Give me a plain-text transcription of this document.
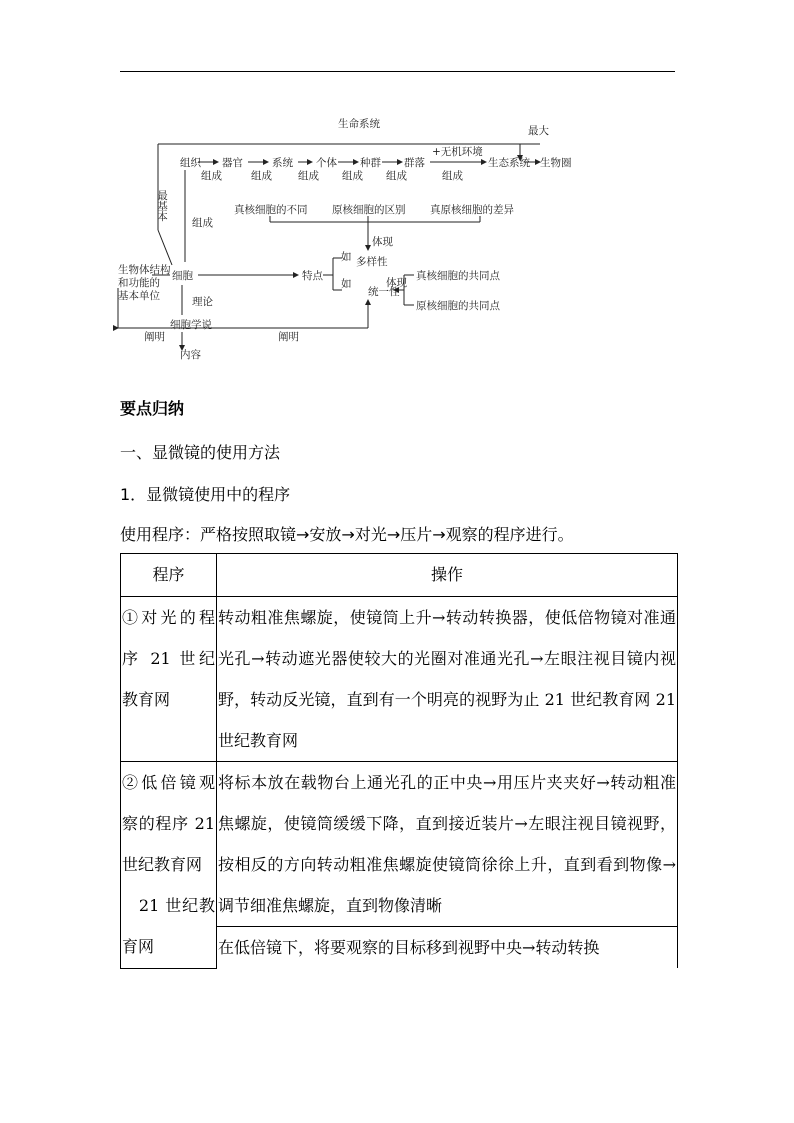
生命系统
最大
组织 器官	系统 个体 种群 群落	生态系统 生物圈
组成	组成 组成 组成 组成	组成
+无机环境
最基本
组成
真核细胞的不同 原核细胞的区别 真原核细胞的差异
体现
如 多样性
如
统一性
细胞	特点
生物体结构
和功能的
基本单位	理论
细胞学说
阐明	阐明
内容
体现
真核细胞的共同点
原核细胞的共同点
要点归纳
一、显微镜的使用方法
1．显微镜使用中的程序
使用程序：严格按照取镜→安放→对光→压片→观察的程序进行。
程序	操作
①对光的程序 21 世纪教育网	转动粗准焦螺旋，使镜筒上升→转动转换器，使低倍物镜对准通光孔→转动遮光器使较大的光圈对准通光孔→左眼注视目镜内视野，转动反光镜，直到有一个明亮的视野为止 21 世纪教育网 21 世纪教育网
②低倍镜观察的程序 21 世纪教育网
　21 世纪教育网	将标本放在载物台上通光孔的正中央→用压片夹夹好→转动粗准焦螺旋，使镜筒缓缓下降，直到接近装片→左眼注视目镜视野，按相反的方向转动粗准焦螺旋使镜筒徐徐上升，直到看到物像→调节细准焦螺旋，直到物像清晰
	在低倍镜下，将要观察的目标移到视野中央→转动转换
